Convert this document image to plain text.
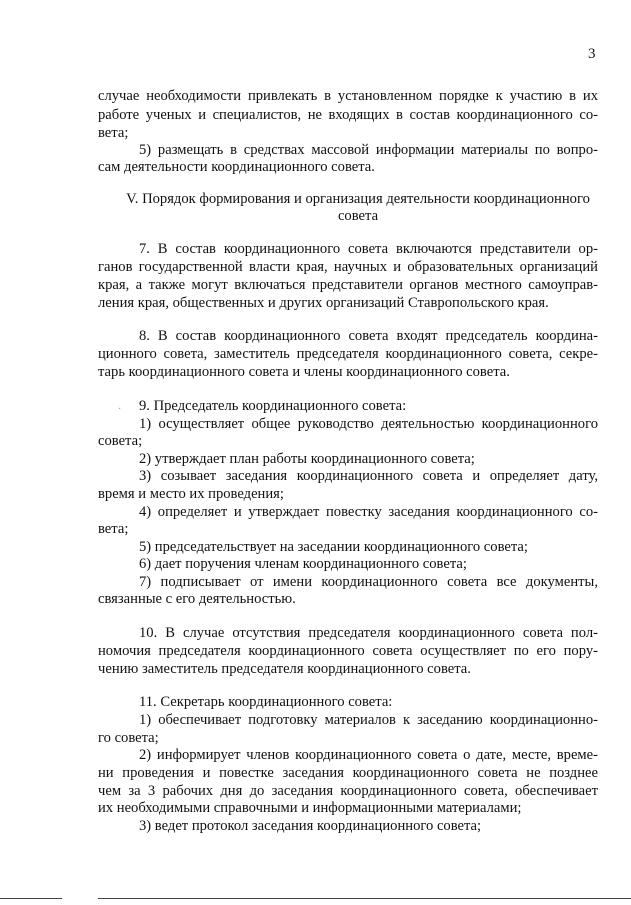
3
·
случае необходимости привлекать в установленном порядке к участию в их
работе ученых и специалистов, не входящих в состав координационного со-
вета;
5) размещать в средствах массовой информации материалы по вопро-
сам деятельности координационного совета.
V. Порядок формирования и организация деятельности координационного
совета
7. В состав координационного совета включаются представители ор-
ганов государственной власти края, научных и образовательных организаций
края, а также могут включаться представители органов местного самоуправ-
ления края, общественных и других организаций Ставропольского края.
8. В состав координационного совета входят председатель координа-
ционного совета, заместитель председателя координационного совета, секре-
тарь координационного совета и члены координационного совета.
9. Председатель координационного совета:
1) осуществляет общее руководство деятельностью координационного
совета;
2) утверждает план работы координационного совета;
3) созывает заседания координационного совета и определяет дату,
время и место их проведения;
4) определяет и утверждает повестку заседания координационного со-
вета;
5) председательствует на заседании координационного совета;
6) дает поручения членам координационного совета;
7) подписывает от имени координационного совета все документы,
связанные с его деятельностью.
10. В случае отсутствия председателя координационного совета пол-
номочия председателя координационного совета осуществляет по его пору-
чению заместитель председателя координационного совета.
11. Секретарь координационного совета:
1) обеспечивает подготовку материалов к заседанию координационно-
го совета;
2) информирует членов координационного совета о дате, месте, време-
ни проведения и повестке заседания координационного совета не позднее
чем за 3 рабочих дня до заседания координационного совета, обеспечивает
их необходимыми справочными и информационными материалами;
3) ведет протокол заседания координационного совета;
